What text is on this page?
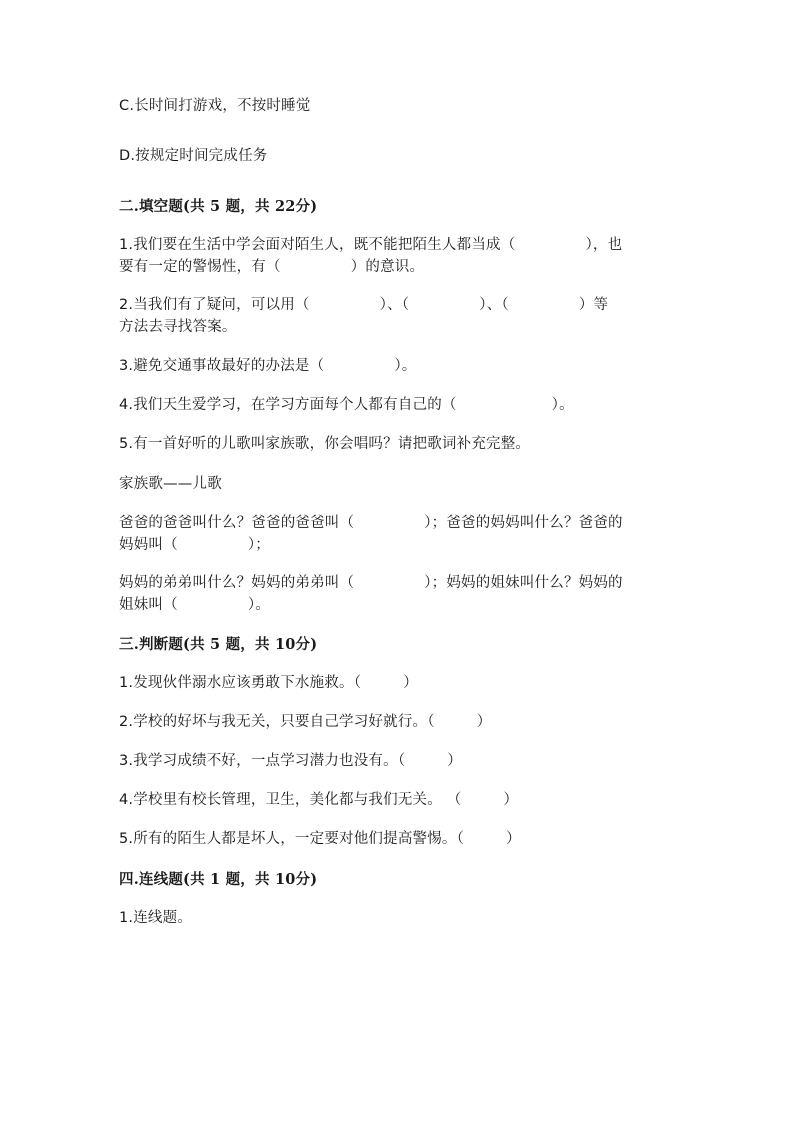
C.长时间打游戏，不按时睡觉
D.按规定时间完成任务
二.填空题(共 5 题，共 22分)
1.我们要在生活中学会面对陌生人，既不能把陌生人都当成（	），也
要有一定的警惕性，有（	）的意识。
2.当我们有了疑问，可以用（	）、（	）、（	）等
方法去寻找答案。
3.避免交通事故最好的办法是（	）。
4.我们天生爱学习，在学习方面每个人都有自己的（	）。
5.有一首好听的儿歌叫家族歌，你会唱吗？请把歌词补充完整。
家族歌——儿歌
爸爸的爸爸叫什么？爸爸的爸爸叫（	）；爸爸的妈妈叫什么？爸爸的
妈妈叫（	）；
妈妈的弟弟叫什么？妈妈的弟弟叫（	）；妈妈的姐妹叫什么？妈妈的
姐妹叫（	）。
三.判断题(共 5 题，共 10分)
1.发现伙伴溺水应该勇敢下水施救。（	）
2.学校的好坏与我无关，只要自己学习好就行。（	）
3.我学习成绩不好，一点学习潜力也没有。（	）
4.学校里有校长管理，卫生，美化都与我们无关。 （	）
5.所有的陌生人都是坏人，一定要对他们提高警惕。（	）
四.连线题(共 1 题，共 10分)
1.连线题。
